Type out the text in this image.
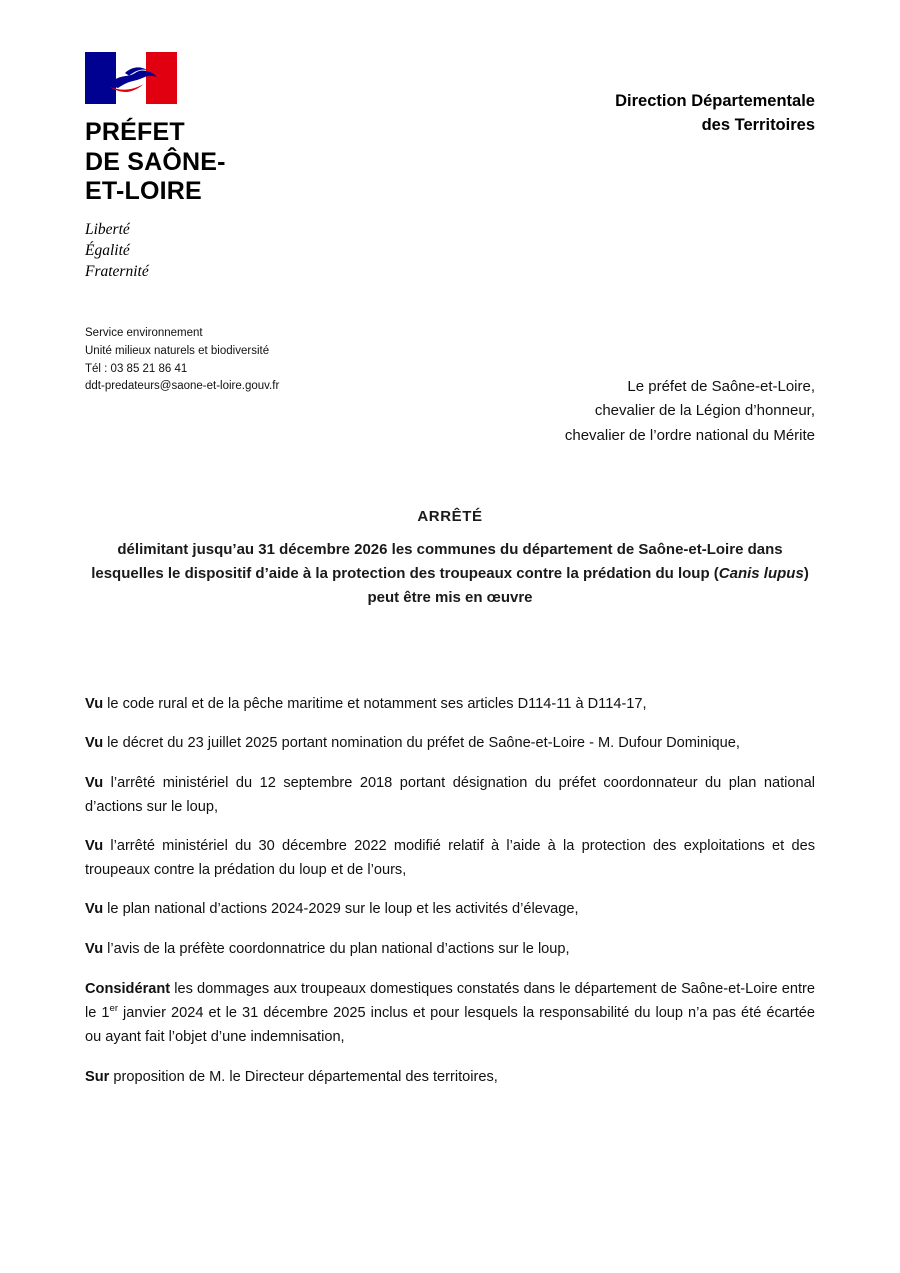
PRÉFET
DE SAÔNE-
ET-LOIRE
Liberté
Égalité
Fraternité
Direction Départementale
des Territoires
Service environnement
Unité milieux naturels et biodiversité
Tél : 03 85 21 86 41
ddt-predateurs@saone-et-loire.gouv.fr	Le préfet de Saône-et-Loire,
chevalier de la Légion d’honneur,
chevalier de l’ordre national du Mérite
ARRÊTÉ
délimitant jusqu’au 31 décembre 2026 les communes du département de Saône-et-Loire dans lesquelles le dispositif d’aide à la protection des troupeaux contre la prédation du loup (Canis lupus) peut être mis en œuvre

Vu le code rural et de la pêche maritime et notamment ses articles D114-11 à D114-17,

Vu le décret du 23 juillet 2025 portant nomination du préfet de Saône-et-Loire - M. Dufour Dominique,

Vu l’arrêté ministériel du 12 septembre 2018 portant désignation du préfet coordonnateur du plan national d’actions sur le loup,

Vu l’arrêté ministériel du 30 décembre 2022 modifié relatif à l’aide à la protection des exploitations et des troupeaux contre la prédation du loup et de l’ours,

Vu le plan national d’actions 2024-2029 sur le loup et les activités d’élevage,

Vu l’avis de la préfète coordonnatrice du plan national d’actions sur le loup,

Considérant les dommages aux troupeaux domestiques constatés dans le département de Saône-et-Loire entre le 1er janvier 2024 et le 31 décembre 2025 inclus et pour lesquels la responsabilité du loup n’a pas été écartée ou ayant fait l’objet d’une indemnisation,

Sur proposition de M. le Directeur départemental des territoires,
